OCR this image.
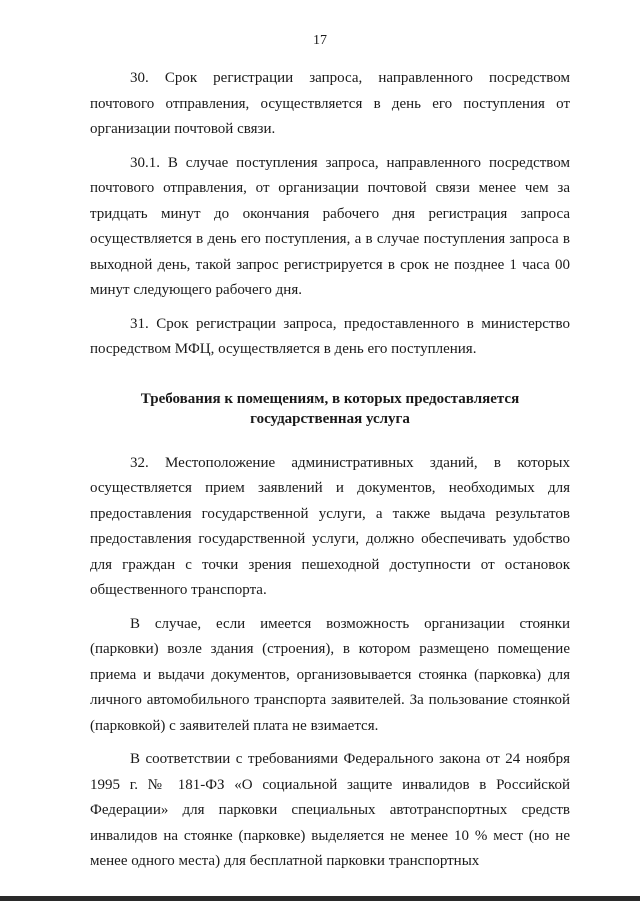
17

30. Срок регистрации запроса, направленного посредством почтового отправления, осуществляется в день его поступления от организации почтовой связи.

30.1. В случае поступления запроса, направленного посредством почтового отправления, от организации почтовой связи менее чем за тридцать минут до окончания рабочего дня регистрация запроса осуществляется в день его поступления, а в случае поступления запроса в выходной день, такой запрос регистрируется в срок не позднее 1 часа 00 минут следующего рабочего дня.

31. Срок регистрации запроса, предоставленного в министерство посредством МФЦ, осуществляется в день его поступления.

Требования к помещениям, в которых предоставляется
государственная услуга

32. Местоположение административных зданий, в которых осуществляется прием заявлений и документов, необходимых для предоставления государственной услуги, а также выдача результатов предоставления государственной услуги, должно обеспечивать удобство для граждан с точки зрения пешеходной доступности от остановок общественного транспорта.

В случае, если имеется возможность организации стоянки (парковки) возле здания (строения), в котором размещено помещение приема и выдачи документов, организовывается стоянка (парковка) для личного автомобильного транспорта заявителей. За пользование стоянкой (парковкой) с заявителей плата не взимается.

В соответствии с требованиями Федерального закона от 24 ноября 1995 г. № 181-ФЗ «О социальной защите инвалидов в Российской Федерации» для парковки специальных автотранспортных средств инвалидов на стоянке (парковке) выделяется не менее 10 % мест (но не менее одного места) для бесплатной парковки транспортных
